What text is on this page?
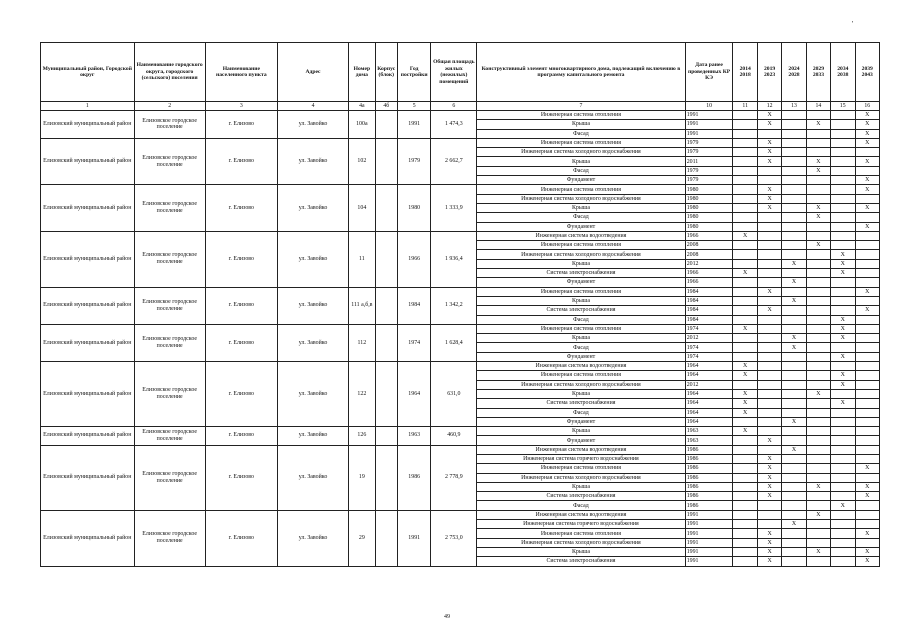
'
Муниципальный район, Городской округ	Наименование городского округа, городского (сельского) поселения	Наименование населенного пункта	Адрес	Номер дома	Корпус (блок)	Год постройки	Общая площадь жилых (нежилых) помещений	Конструктивный элемент многоквартирного дома, подлежащий включению в программу капитального ремонта	Дата ранее проведенных КР КЭ	2014 2018	2019 2023	2024 2028	2029 2033	2034 2038	2039 2043
1	2	3	4	4а	4б	5	6	7	10	11	12	13	14	15	16
Елизовский муниципальный район	Елизовское городское поселение	г. Елизово	ул. Завойко	100а		1991	1 474,3	Инженерная система отопления	1991		X				X
								Крыша	1991		X		X		X
								Фасад	1991						X
Елизовский муниципальный район	Елизовское городское поселение	г. Елизово	ул. Завойко	102		1979	2 662,7	Инженерная система отопления	1979		X				X
								Инженерная система холодного водоснабжения	1979		X				
								Крыша	2011		X		X		X
								Фасад	1979				X		
								Фундамент	1979						X
Елизовский муниципальный район	Елизовское городское поселение	г. Елизово	ул. Завойко	104		1980	1 333,9	Инженерная система отопления	1980		X				X
								Инженерная система холодного водоснабжения	1980		X				
								Крыша	1980		X		X		X
								Фасад	1980				X		
								Фундамент	1980						X
Елизовский муниципальный район	Елизовское городское поселение	г. Елизово	ул. Завойко	11		1966	1 936,4	Инженерная система водоотведения	1966	X					
								Инженерная система отопления	2008				X		
								Инженерная система холодного водоснабжения	2008					X	
								Крыша	2012			X		X	
								Система электроснабжения	1966	X				X	
								Фундамент	1966			X			
Елизовский муниципальный район	Елизовское городское поселение	г. Елизово	ул. Завойко	111 а,б,в		1984	1 342,2	Инженерная система отопления	1984		X				X
								Крыша	1984			X			
								Система электроснабжения	1984		X				X
								Фасад	1984					X	
Елизовский муниципальный район	Елизовское городское поселение	г. Елизово	ул. Завойко	112		1974	1 628,4	Инженерная система отопления	1974	X				X	
								Крыша	2012			X		X	
								Фасад	1974			X			
								Фундамент	1974					X	
Елизовский муниципальный район	Елизовское городское поселение	г. Елизово	ул. Завойко	122		1964	631,0	Инженерная система водоотведения	1964	X					
								Инженерная система отопления	1964	X				X	
								Инженерная система холодного водоснабжения	2012					X	
								Крыша	1964	X			X		
								Система электроснабжения	1964	X				X	
								Фасад	1964	X					
								Фундамент	1964			X			
Елизовский муниципальный район	Елизовское городское поселение	г. Елизово	ул. Завойко	126		1963	460,9	Крыша	1963	X					
								Фундамент	1963		X				
Елизовский муниципальный район	Елизовское городское поселение	г. Елизово	ул. Завойко	19		1986	2 778,9	Инженерная система водоотведения	1986			X			
								Инженерная система горячего водоснабжения	1986		X				
								Инженерная система отопления	1986		X				X
								Инженерная система холодного водоснабжения	1986		X				
								Крыша	1986		X		X		X
								Система электроснабжения	1986		X				X
								Фасад	1986					X	
Елизовский муниципальный район	Елизовское городское поселение	г. Елизово	ул. Завойко	29		1991	2 753,0	Инженерная система водоотведения	1991				X		
								Инженерная система горячего водоснабжения	1991			X			
								Инженерная система отопления	1991		X				X
								Инженерная система холодного водоснабжения	1991		X				
								Крыша	1991		X		X		X
								Система электроснабжения	1991		X				X
49
